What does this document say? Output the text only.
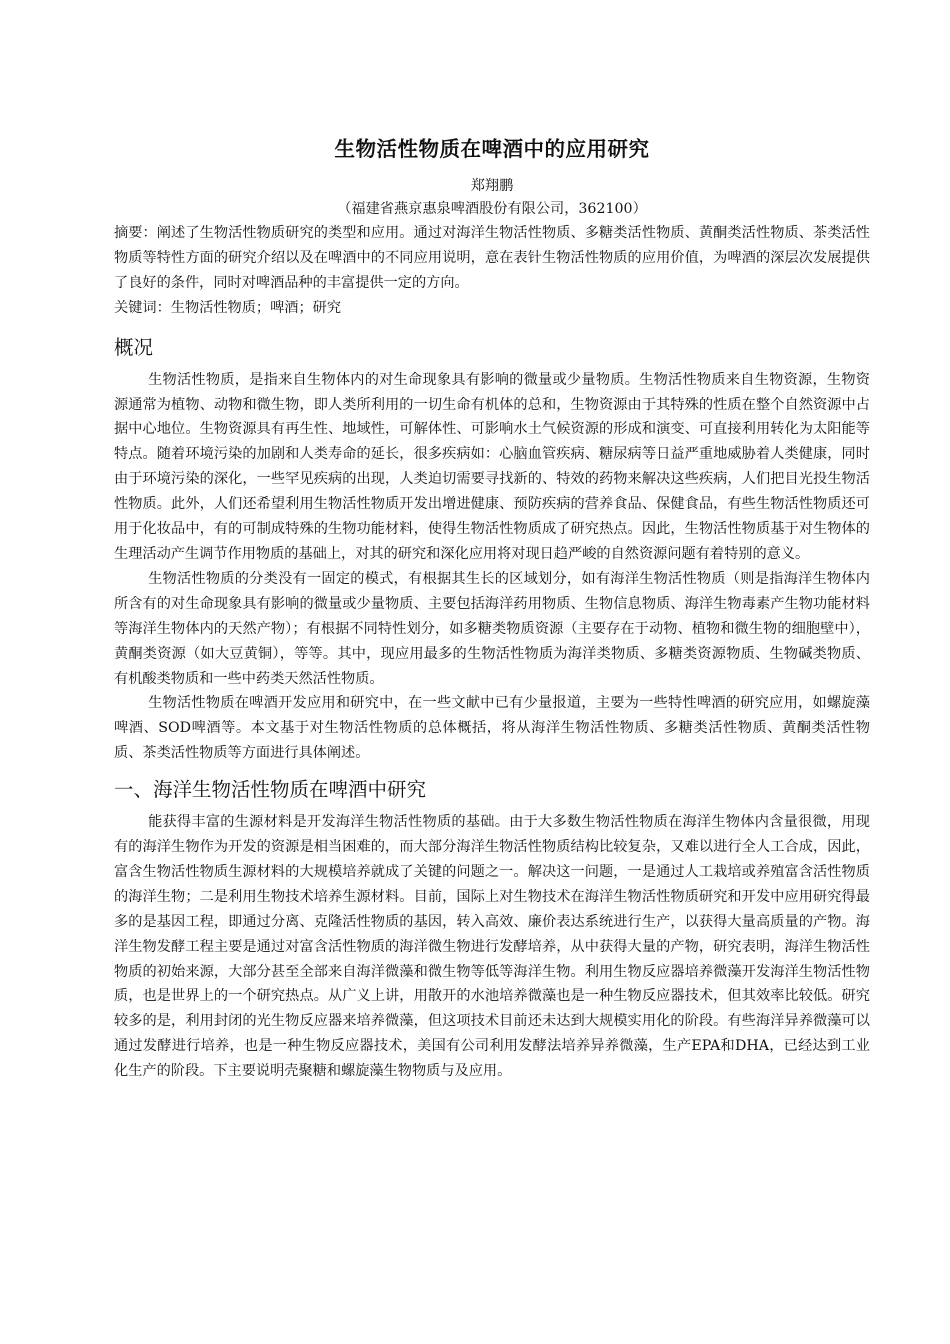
生物活性物质在啤酒中的应用研究
郑翔鹏
（福建省燕京惠泉啤酒股份有限公司，362100）

摘要：阐述了生物活性物质研究的类型和应用。通过对海洋生物活性物质、多糖类活性物质、黄酮类活性物质、茶类活性物质等特性方面的研究介绍以及在啤酒中的不同应用说明，意在表针生物活性物质的应用价值，为啤酒的深层次发展提供了良好的条件，同时对啤酒品种的丰富提供一定的方向。

关键词：生物活性物质；啤酒；研究

概况

生物活性物质，是指来自生物体内的对生命现象具有影响的微量或少量物质。生物活性物质来自生物资源，生物资源通常为植物、动物和微生物，即人类所利用的一切生命有机体的总和，生物资源由于其特殊的性质在整个自然资源中占据中心地位。生物资源具有再生性、地域性，可解体性、可影响水土气候资源的形成和演变、可直接利用转化为太阳能等特点。随着环境污染的加剧和人类寿命的延长，很多疾病如：心脑血管疾病、糖尿病等日益严重地威胁着人类健康，同时由于环境污染的深化，一些罕见疾病的出现，人类迫切需要寻找新的、特效的药物来解决这些疾病，人们把目光投生物活性物质。此外，人们还希望利用生物活性物质开发出增进健康、预防疾病的营养食品、保健食品，有些生物活性物质还可用于化妆品中，有的可制成特殊的生物功能材料，使得生物活性物质成了研究热点。因此，生物活性物质基于对生物体的生理活动产生调节作用物质的基础上，对其的研究和深化应用将对现日趋严峻的自然资源问题有着特别的意义。

生物活性物质的分类没有一固定的模式，有根据其生长的区域划分，如有海洋生物活性物质（则是指海洋生物体内所含有的对生命现象具有影响的微量或少量物质、主要包括海洋药用物质、生物信息物质、海洋生物毒素产生物功能材料等海洋生物体内的天然产物）；有根据不同特性划分，如多糖类物质资源（主要存在于动物、植物和微生物的细胞壁中），黄酮类资源（如大豆黄铜），等等。其中，现应用最多的生物活性物质为海洋类物质、多糖类资源物质、生物碱类物质、有机酸类物质和一些中药类天然活性物质。

生物活性物质在啤酒开发应用和研究中，在一些文献中已有少量报道，主要为一些特性啤酒的研究应用，如螺旋藻啤酒、SOD啤酒等。本文基于对生物活性物质的总体概括，将从海洋生物活性物质、多糖类活性物质、黄酮类活性物质、茶类活性物质等方面进行具体阐述。

一、海洋生物活性物质在啤酒中研究

能获得丰富的生源材料是开发海洋生物活性物质的基础。由于大多数生物活性物质在海洋生物体内含量很微，用现有的海洋生物作为开发的资源是相当困难的，而大部分海洋生物活性物质结构比较复杂，又难以进行全人工合成，因此，富含生物活性物质生源材料的大规模培养就成了关键的问题之一。解决这一问题，一是通过人工栽培或养殖富含活性物质的海洋生物；二是利用生物技术培养生源材料。目前，国际上对生物技术在海洋生物活性物质研究和开发中应用研究得最多的是基因工程，即通过分离、克隆活性物质的基因，转入高效、廉价表达系统进行生产，以获得大量高质量的产物。海洋生物发酵工程主要是通过对富含活性物质的海洋微生物进行发酵培养，从中获得大量的产物，研究表明，海洋生物活性物质的初始来源，大部分甚至全部来自海洋微藻和微生物等低等海洋生物。利用生物反应器培养微藻开发海洋生物活性物质，也是世界上的一个研究热点。从广义上讲，用散开的水池培养微藻也是一种生物反应器技术，但其效率比较低。研究较多的是，利用封闭的光生物反应器来培养微藻，但这项技术目前还未达到大规模实用化的阶段。有些海洋异养微藻可以通过发酵进行培养，也是一种生物反应器技术，美国有公司利用发酵法培养异养微藻，生产EPA和DHA，已经达到工业化生产的阶段。下主要说明壳聚糖和螺旋藻生物物质与及应用。
